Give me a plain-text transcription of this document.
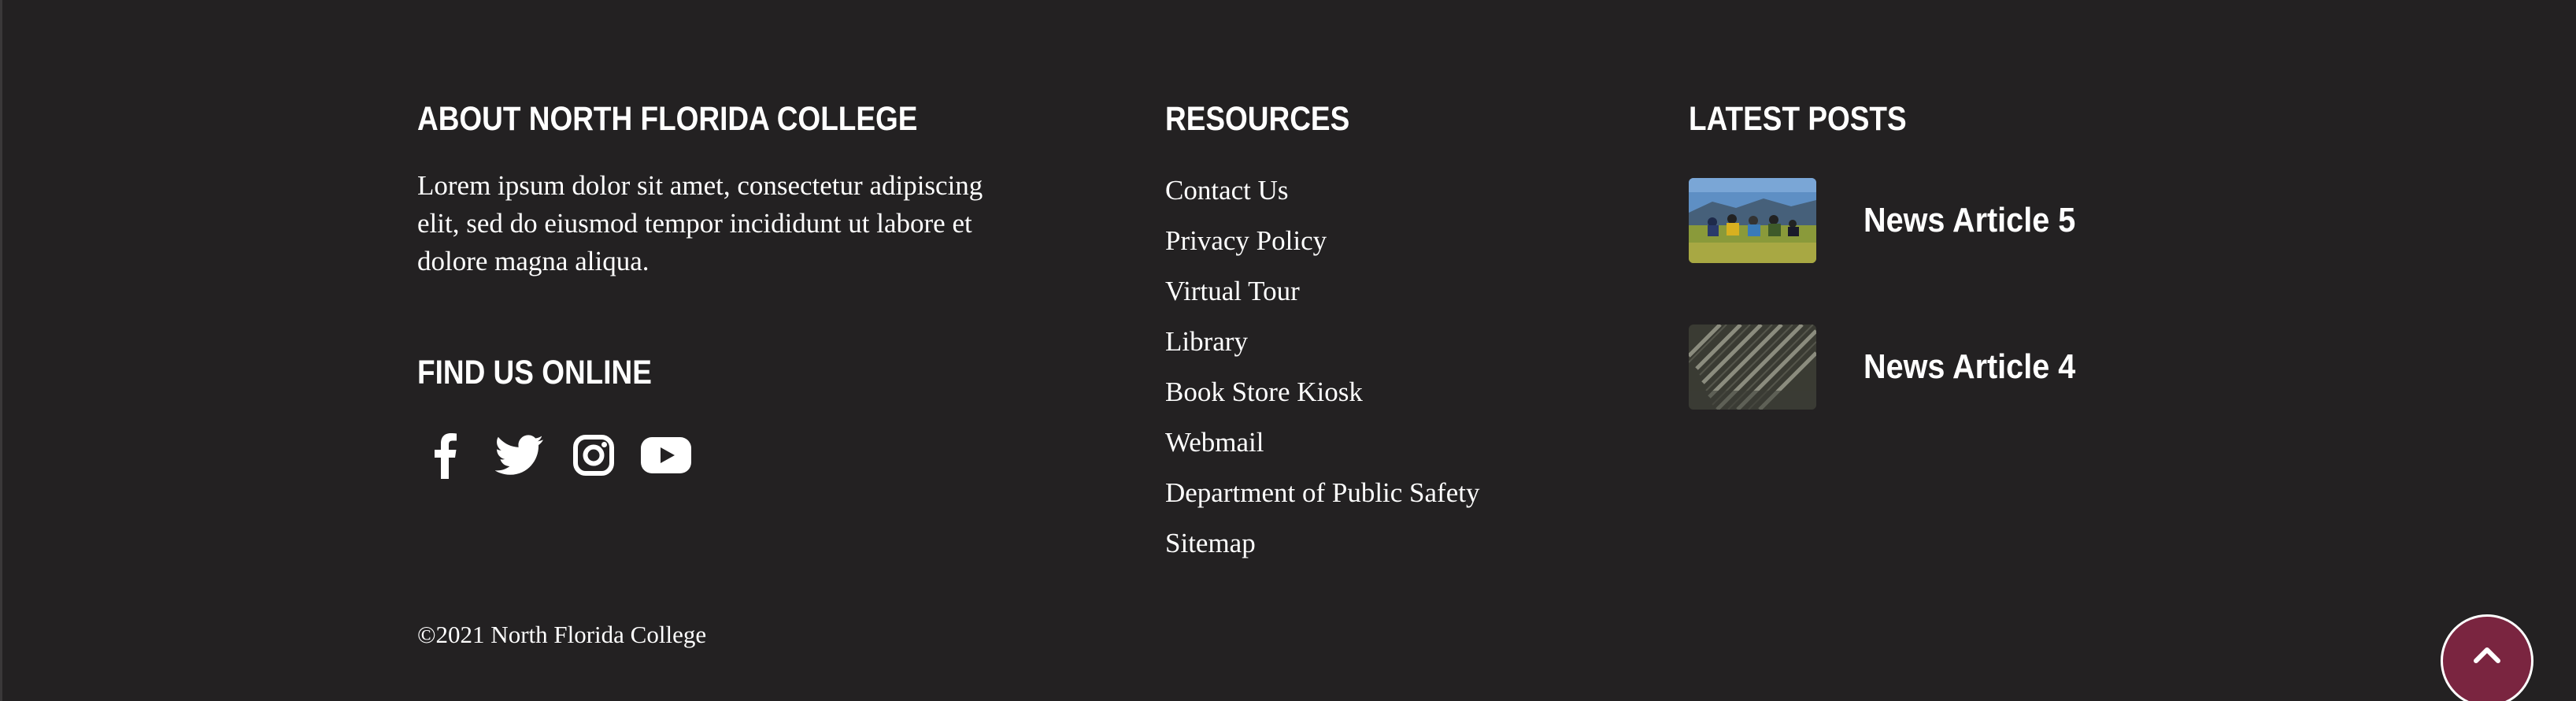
ABOUT NORTH FLORIDA COLLEGE

Lorem ipsum dolor sit amet, consectetur adipiscing elit, sed do eiusmod tempor incididunt ut labore et dolore magna aliqua.

FIND US ONLINE
RESOURCES
Contact Us
Privacy Policy
Virtual Tour
Library
Book Store Kiosk
Webmail
Department of Public Safety
Sitemap
LATEST POSTS
News Article 5
News Article 4

©2021 North Florida College
